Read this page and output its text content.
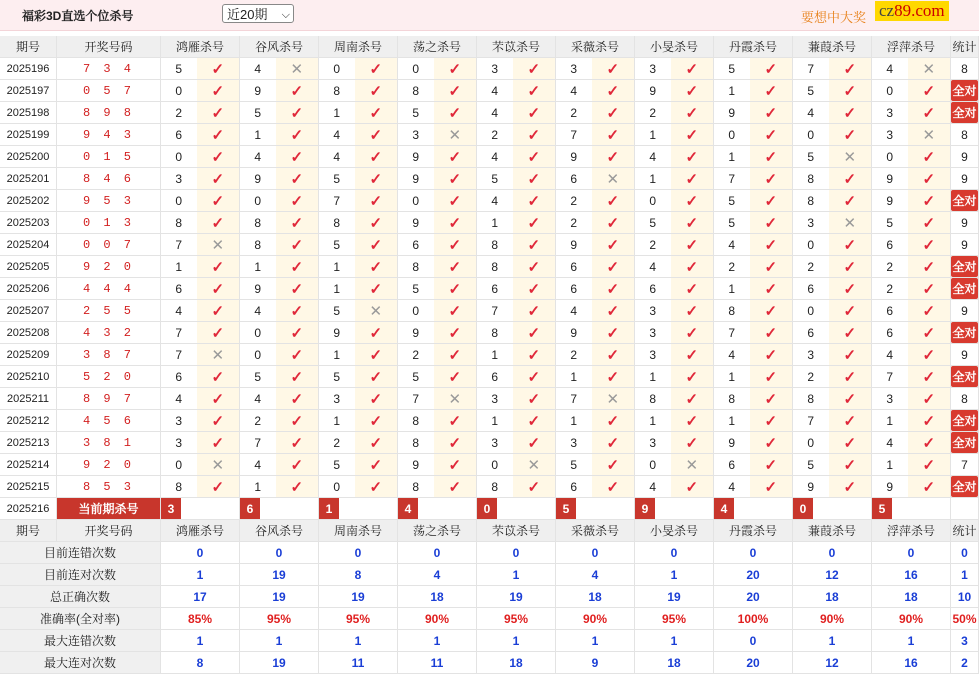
福彩3D直选个位杀号	近20期 ⌵	要想中大奖 cz89.com
期号	开奖号码	鸿雁杀号	谷风杀号	周南杀号	荡之杀号	芣苡杀号	采薇杀号	小旻杀号	丹霞杀号	蒹葭杀号	浮萍杀号	统计
2025196	7 3 4	5	✓	4	✕	0	✓	0	✓	3	✓	3	✓	3	✓	5	✓	7	✓	4	✕ 8
2025197	0 5 7	0	✓	9	✓	8	✓	8	✓	4	✓	4	✓	9	✓	1	✓	5	✓	0	✓ 全对
2025198	8 9 8	2	✓	5	✓	1	✓	5	✓	4	✓	2	✓	2	✓	9	✓	4	✓	3	✓ 全对
2025199	9 4 3	6	✓	1	✓	4	✓	3	✕	2	✓	7	✓	1	✓	0	✓	0	✓	3	✕ 8
2025200	0 1 5	0	✓	4	✓	4	✓	9	✓	4	✓	9	✓	4	✓	1	✓	5	✕	0	✓ 9
2025201	8 4 6	3	✓	9	✓	5	✓	9	✓	5	✓	6	✕	1	✓	7	✓	8	✓	9	✓ 9
2025202	9 5 3	0	✓	0	✓	7	✓	0	✓	4	✓	2	✓	0	✓	5	✓	8	✓	9	✓ 全对
2025203	0 1 3	8	✓	8	✓	8	✓	9	✓	1	✓	2	✓	5	✓	5	✓	3	✕	5	✓ 9
2025204	0 0 7	7	✕	8	✓	5	✓	6	✓	8	✓	9	✓	2	✓	4	✓	0	✓	6	✓ 9
2025205	9 2 0	1	✓	1	✓	1	✓	8	✓	8	✓	6	✓	4	✓	2	✓	2	✓	2	✓ 全对
2025206	4 4 4	6	✓	9	✓	1	✓	5	✓	6	✓	6	✓	6	✓	1	✓	6	✓	2	✓ 全对
2025207	2 5 5	4	✓	4	✓	5	✕	0	✓	7	✓	4	✓	3	✓	8	✓	0	✓	6	✓ 9
2025208	4 3 2	7	✓	0	✓	9	✓	9	✓	8	✓	9	✓	3	✓	7	✓	6	✓	6	✓ 全对
2025209	3 8 7	7	✕	0	✓	1	✓	2	✓	1	✓	2	✓	3	✓	4	✓	3	✓	4	✓ 9
2025210	5 2 0	6	✓	5	✓	5	✓	5	✓	6	✓	1	✓	1	✓	1	✓	2	✓	7	✓ 全对
2025211	8 9 7	4	✓	4	✓	3	✓	7	✕	3	✓	7	✕	8	✓	8	✓	8	✓	3	✓ 8
2025212	4 5 6	3	✓	2	✓	1	✓	8	✓	1	✓	1	✓	1	✓	1	✓	7	✓	1	✓ 全对
2025213	3 8 1	3	✓	7	✓	2	✓	8	✓	3	✓	3	✓	3	✓	9	✓	0	✓	4	✓ 全对
2025214	9 2 0	0	✕	4	✓	5	✓	9	✓	0	✕	5	✓	0	✕	6	✓	5	✓	1	✓ 7
2025215	8 5 3	8	✓	1	✓	0	✓	8	✓	8	✓	6	✓	4	✓	4	✓	9	✓	9	✓ 全对
2025216	当前期杀号	3	6	1	4	0	5	9	4	0	5
期号	开奖号码	鸿雁杀号	谷风杀号	周南杀号	荡之杀号	芣苡杀号	采薇杀号	小旻杀号	丹霞杀号	蒹葭杀号	浮萍杀号	统计
目前连错次数	0	0	0	0	0	0	0	0	0	0	0
目前连对次数	1	19	8	4	1	4	1	20	12	16	1
总正确次数	17	19	19	18	19	18	19	20	18	18	10
准确率(全对率)	85%	95%	95%	90%	95%	90%	95%	100%	90%	90% 50%
最大连错次数	1	1	1	1	1	1	1	0	1	1	3
最大连对次数	8	19	11	11	18	9	18	20	12	16	2
